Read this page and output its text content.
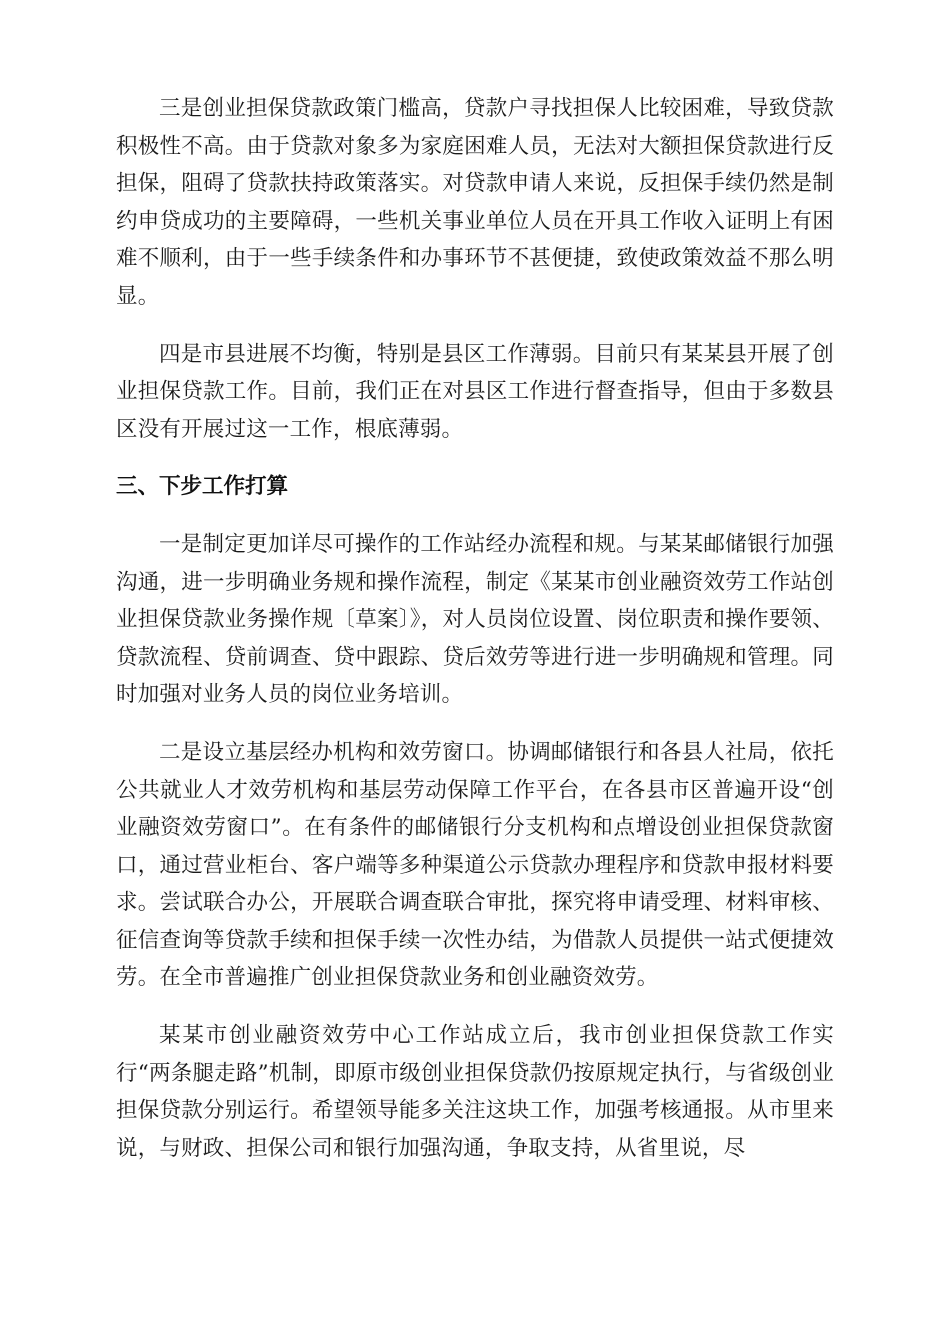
三是创业担保贷款政策门槛高，贷款户寻找担保人比较困难，导致贷款积极性不高。由于贷款对象多为家庭困难人员，无法对大额担保贷款进行反担保，阻碍了贷款扶持政策落实。对贷款申请人来说，反担保手续仍然是制约申贷成功的主要障碍，一些机关事业单位人员在开具工作收入证明上有困难不顺利，由于一些手续条件和办事环节不甚便捷，致使政策效益不那么明显。

四是市县进展不均衡，特别是县区工作薄弱。目前只有某某县开展了创业担保贷款工作。目前，我们正在对县区工作进行督查指导，但由于多数县区没有开展过这一工作，根底薄弱。

三、下步工作打算

一是制定更加详尽可操作的工作站经办流程和规。与某某邮储银行加强沟通，进一步明确业务规和操作流程，制定《某某市创业融资效劳工作站创业担保贷款业务操作规〔草案〕》，对人员岗位设置、岗位职责和操作要领、贷款流程、贷前调查、贷中跟踪、贷后效劳等进行进一步明确规和管理。同时加强对业务人员的岗位业务培训。

二是设立基层经办机构和效劳窗口。协调邮储银行和各县人社局，依托公共就业人才效劳机构和基层劳动保障工作平台，在各县市区普遍开设“创业融资效劳窗口”。在有条件的邮储银行分支机构和点增设创业担保贷款窗口，通过营业柜台、客户端等多种渠道公示贷款办理程序和贷款申报材料要求。尝试联合办公，开展联合调查联合审批，探究将申请受理、材料审核、征信查询等贷款手续和担保手续一次性办结，为借款人员提供一站式便捷效劳。在全市普遍推广创业担保贷款业务和创业融资效劳。

某某市创业融资效劳中心工作站成立后，我市创业担保贷款工作实行“两条腿走路”机制，即原市级创业担保贷款仍按原规定执行，与省级创业担保贷款分别运行。希望领导能多关注这块工作，加强考核通报。从市里来说，与财政、担保公司和银行加强沟通，争取支持，从省里说，尽
